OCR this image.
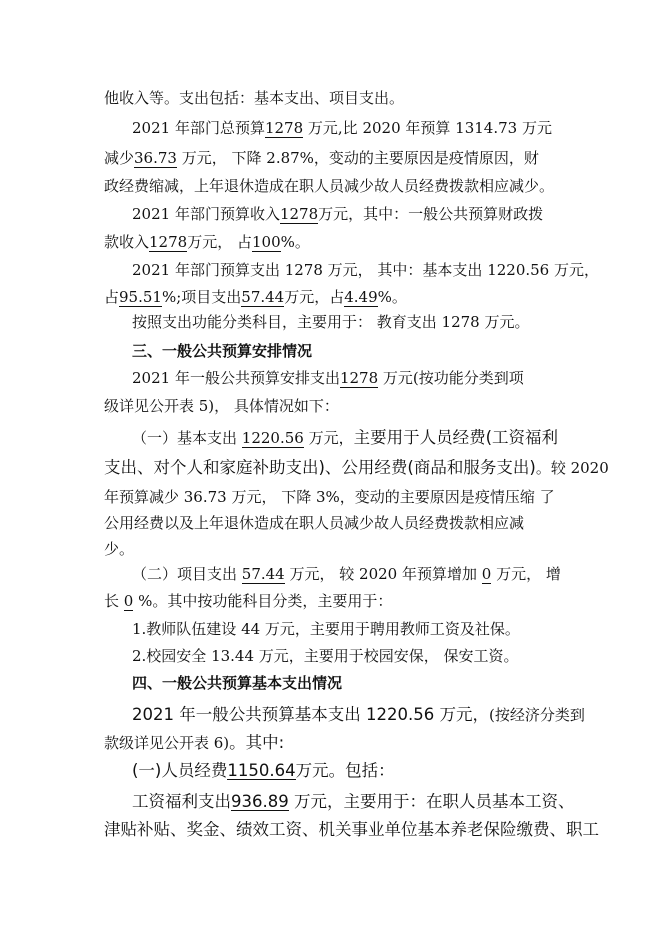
他收入等。支出包括：基本支出、项目支出。
2021 年部门总预算1278 万元,比 2020 年预算 1314.73 万元
减少36.73 万元， 下降 2.87%，变动的主要原因是疫情原因，财
政经费缩减，上年退休造成在职人员减少故人员经费拨款相应减少。
2021 年部门预算收入1278万元，其中：一般公共预算财政拨
款收入1278万元， 占100%。
2021 年部门预算支出 1278 万元， 其中：基本支出 1220.56 万元，
占95.51%;项目支出57.44万元，占4.49%。
按照支出功能分类科目，主要用于： 教育支出 1278 万元。
三、一般公共预算安排情况
2021 年一般公共预算安排支出1278 万元(按功能分类到项
级详见公开表 5)， 具体情况如下：
（一）基本支出 1220.56 万元，主要用于人员经费(工资福利
支出、对个人和家庭补助支出)、公用经费(商品和服务支出)。较 2020
年预算减少 36.73 万元， 下降 3%，变动的主要原因是疫情压缩 了
公用经费以及上年退休造成在职人员减少故人员经费拨款相应减
少。
（二）项目支出 57.44 万元， 较 2020 年预算增加 0 万元， 增
长 0 %。其中按功能科目分类，主要用于：
1.教师队伍建设 44 万元，主要用于聘用教师工资及社保。
2.校园安全 13.44 万元，主要用于校园安保， 保安工资。
四、一般公共预算基本支出情况
2021 年一般公共预算基本支出 1220.56 万元，(按经济分类到
款级详见公开表 6)。其中:
(一)人员经费1150.64万元。包括：
工资福利支出936.89 万元，主要用于：在职人员基本工资、
津贴补贴、奖金、绩效工资、机关事业单位基本养老保险缴费、职工
